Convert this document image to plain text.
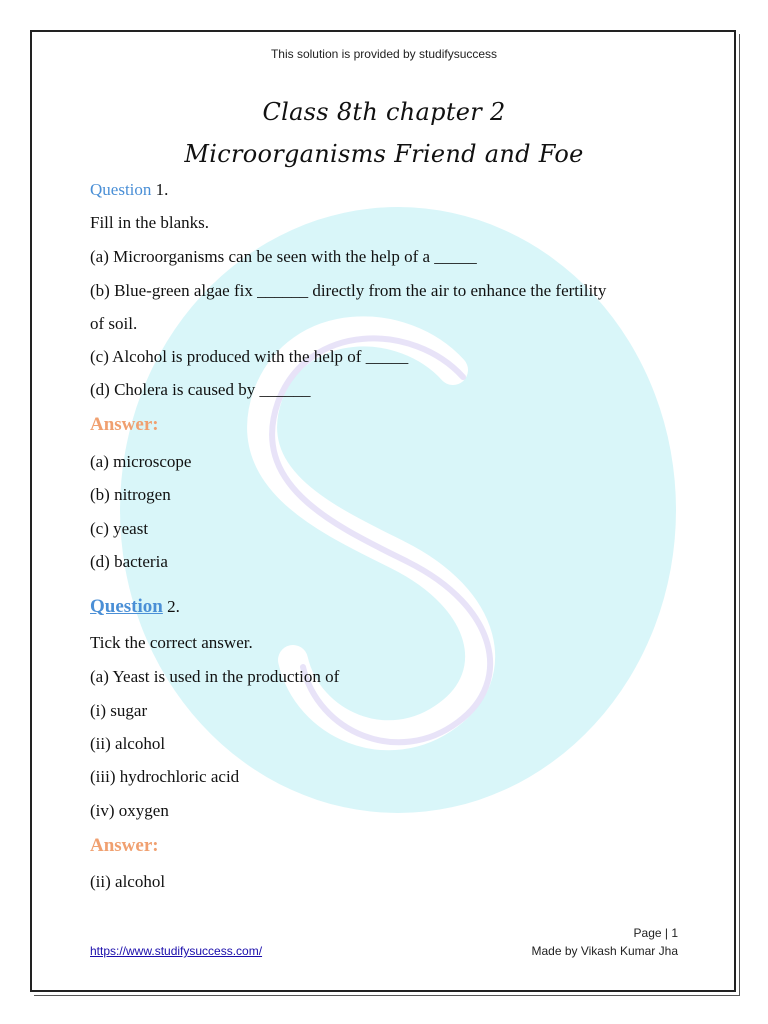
This solution is provided by studifysuccess
Class 8th chapter 2
Microorganisms Friend and Foe
Question 1.
Fill in the blanks.
(a) Microorganisms can be seen with the help of a _____
(b) Blue-green algae fix ______ directly from the air to enhance the fertility
of soil.
(c) Alcohol is produced with the help of _____
(d) Cholera is caused by ______
Answer:
(a) microscope
(b) nitrogen
(c) yeast
(d) bacteria
Question 2.
Tick the correct answer.
(a) Yeast is used in the production of
(i) sugar
(ii) alcohol
(iii) hydrochloric acid
(iv) oxygen
Answer:
(ii) alcohol
https://www.studifysuccess.com/
Page | 1
Made by Vikash Kumar Jha
